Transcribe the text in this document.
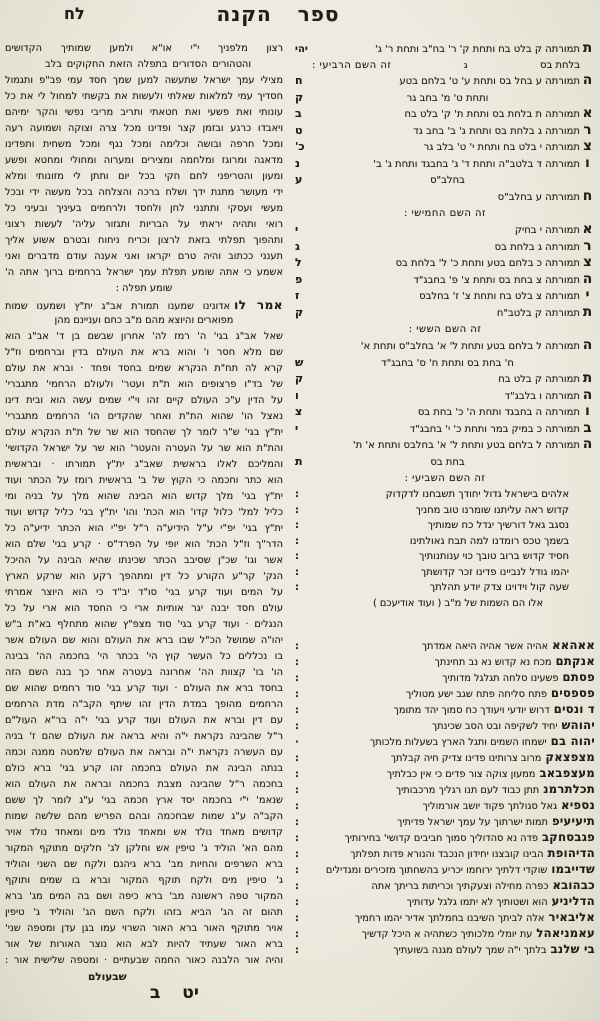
לח	ספרהקנה
ת
תמורתה ק בלט בח ותחת ק' ר' בח"ב ותחת ר' ג'
יהי
בלחת בס
ג
זה השם הרביעי :
ה
תמורתה ע בחל בס ותחת ע' ט' בלחם בטע
ח
ותחת ט' מ' בחב גר
ק
א
תמורתה ת בלחת בס ותחת ת' ק' בלט בח
ב
ר
תמורתה ג בלחת בס ותחת ג' ב' בחב גד
ט
צ
תמורתה י בלט בח ותחת י' ט' בלב גר
כ'
ו
תמורתה ד בלטב"ה ותחת ד' ג' בחבגד ותחת ג' ב'
נ
בחלב"ס
ע
ח
תמורתה ע בחלב"ס
זה השם החמישי :
א
תמורתה י בחיק
י
ר
תמורתה ג בלחת בס
ג
צ
תמורתה כ בלחם בטע ותחת כ' ל' בלחת בס
ל
ה
תמורתה צ בחת בס ותחת צ' פ' בחבג"ד
פ
י
תמורתה צ בלט בח ותחת צ' ז' בחלבס
ז
ת
תמורתה ק בלטב"ח
ק
זה השם הששי :
ה
תמורתה ל בלחם בטע ותחת ל' א' בחלב"ס ותחת א'
ח' בחת בס ותחת ח' ס' בחבג"ד
ש
ת
תמורתה ק בלט בח
ק
ה
תמורתה ו בלבג"ד
ו
ו
תמורתה ה בחבגד ותחת ה' כ' בחת בס
צ
ב
תמורתה כ במיק במר ותחת כ' י' בחבג"ד
י
ה
תמורתה ל בלחם בטע ותחת ל' א' בחלבס ותחת א' ת'
בחת בס
ת
זה השם השביעי :
אלהים בישראל גדול יחודך תשבחנו לדקדוק
:
קדוש ראה עליתנו שומרנו טוב מחניך
:
נסגב גאל דורשיך יגדל כח שמותיך
:
בשמך טכס רומדנו למה תבח גאולתינו
:
חסיד קדוש ברוב טובך כוי ענותנותיך
:
יהמו גודל לנביינו פדינו זכר קדושתך
:
שעה קול וידוינו צדק יודע תהלתך
:
אלו הם השמות של מ"ב ( ועוד אודיעכם )
אאהאא
אהיה אשר אהיה היאה אמדתך
:
אנקתם
מכח נא קדוש נא נב תחינתך
:
פסתם
פשעינו סלחה תגלגל מדותיך
:
פספסים
פתח סליחה פתח שגב ישע מטוליך
:
ד ונסים
דרוש יודעי ויעודך כח סמוך יהד מתומך
:
יהוהש
יחיד לשקיפה ובט הסב שכינתך
:
יהוה בם
ישמחו השמים ותגל הארץ בשעלות מלכותך
·
מצפצאק
מרוב צרותינו פדינו צדיק חיה קבלתך
:
מעצפבאב
ממעון צוקה צור פדים כי אין כבלתיך
:
תכלתרמנ
תתן כבוד לעם תנו רגליך מרכבותיך
:
נספיא
גאל סגולתך פקוד יושב אורמוליך
:
תיעיעיפ
תמות ישרתוך על עמך ישראל פדיתיך
:
פגבסחקב
פדה נא סהדוליך סמוך חביבים קדושי' בחירותיך
:
הדיהופת
הבינו קובצנו יחידון הנכבד והנורא פדות תפלתך
:
שדייבמו
שוקדי דלתיך ירוחמו יכריע בהשחתוך מזכירים ומגדילים
:
כבהובא
כפרה מחילה וצעקתיך וכריתות בריתך אתה
:
הדליניע
הוא ושטותיך לא יתמו גלגל עדותיך
:
אליבאיר
אלה לביתך השיבנו בחמלתך אדיר יהמו רחמיך
:
עאמניאהל
עת יומלי מלכותיך כשתהיה א היכל קדשיך
:
בי שלנב
בלתך י"ה שמך לעולם מגנה בשועתיך
:
רצון מלפניך י"י או"א ולמען שמותיך הקדושים
והטהורים הסדורים בתפלה הזאת החקוקים בלב
מצילי עמך ישראל שתעשה למען שמך חסד עמי פב"פ ותגמול
חסדיך עמי למלאות שאלתי ולעשות את בקשתי למחול לי את כל
עונותי ואת פשעי ואת חטאתי ותריב מריבי נפשי והקר ימיהם
ויאבדו כרגע ובזמן קצר ופדינו מכל צרה וצוקה ושמועה רעה
ומכל חרפה ובושה וכלימה ומכל נגף ומכל משחית ותפדינו
מדאגה ומרוגז ומלחמה ומצירים ומערוה ומחולי ומחטא ופשע
ומעון והטריפני לחם חקי בכל יום ותתן לי מזונותי ומלא
ידי מעושר מתנת ידך ושלח ברכה והצלחה בכל מעשה ידי ובכל
מעשי ועסקי ותתנני לחן ולחסד ולרחמים בעיניך ובעיני כל
רואי ותהיה יראתי על הבריות ותגזור עליה' לעשות רצוני
ותהפוך תפלתי בזאת לרצון וכריח ניחוח ובטרם אשוע אליך
תענני ככתוב והיה טרם יקראו ואני אענה עודם מדברים ואני
אשמע כי אתה שומע תפלת עמך ישראל ברחמים ברוך אתה ה'
שומע תפלה :
אמר לואדונינו שמענו תמורת אב"ג ית"ץ ושמענו שמות
מפוארים והיוצא מהם מ"ב כחם ועניינם מהן
שאל אב"ג בגי' ה' רמז לה' אחרון שבשם בן ד' אב"ג הוא
שם מלא חסר ו' והוא ברא את העולם בדין וברחמים וז"ל
קרא לה תח"ת הנקרא שמים בחסד ופחד · וברא את עולם
של בד"ו פרצופים הוא ת"ת ועטר' ולעולם הרחמי' מתגברי'
על הדין ע"כ העולם קיים זהו וי"י שמים עשה הוא ובית דינו
נאצל הו' שהוא הת"ת ואחר שהקדים הו' הרחמים מתגברי'
ית"ץ בגי' ש"ר לומר לך שהחסד הוא שר של ת"ת הנקרא עולם
והת"ת הוא שר על העטרה והעטר' הוא שר על ישראל הקדושי'
והמליכם לאלו בראשית שאב"ג ית"ץ תמורתו · ובראשית
הוא כתר וחכמה כי הקוץ של ב' בראשית רומז על הכתר ועוד
ית"ץ בגי' מלך קדוש הוא הבינה שהוא מלך על בניה ומי
כליל למל' כלול קדו' הוא הכת' והו' ית"ץ בגי' כליל קדוש ועוד
ית"ץ בגי' יפ"י ע"ל הידיע"ה ר"ל יפ"י הוא הכתר ידיע"ה כל
הדר"ך וז"ל הכת' הוא יופי על הפרד"ס · קרע בגי' שלם הוא
אשר וגו' שכ"ן שסיבב הכתר שכינתו שהיא הבינה על ההיכל
הנק' קר"ע הקורע כל דין ומתהפך רקע הוא שרקע הארץ
על המים ועוד קרע בגי' סו"ד יב"ד כי הוא היוצר אמרתי
עולם חסד יבנה יגר אותיות ארי כי החסד הוא ארי על כל
הנגלים · ועוד קרע בגי' סוד מצפ"ץ שהוא מתחלף בא"ת ב"ש
יהו"ה שמושל הכ"ל שבו ברא את העולם והוא שם העולם אשר
בו נכללים כל העשר קוץ הי' בכתר הי' בחכמה הה' בבינה
הו' בו' קצוות הה' אחרונה בעטרה אחר כך בנה השם הזה
בחסד ברא את העולם · ועוד קרע בגי' סוד רחמים שהוא שם
הרחמים מהופך במדת הדין זהו שיתף הקב"ה מדת הרחמים
עם דין וברא את העולם ועוד קרע בגי' י"ה בר"א העול"ם
ר"ל שהבינה נקראת י"ה והיא בראה את העולם שהם ז' בניה
עם העשרה נקראת י"ה ובראה את העולם שלמטה ממנה וכמה
בנתה הבינה את העולם בחכמה זהו קרע בגי' ברא כולם
בחכמה ר"ל שהבינה מצבת בחכמה ובראה את העולם הוא
שנאמ' י"י בחכמה יסד ארץ חכמה בגי' ע"ג לומר לך ששם
הקב"ה ע"ג שמות שבחכמה ובהם הפריש מהם שלשה שמות
קדושים מאחד נולד אש ומאחד נולד מים ומאחד נולד אויר
מהם הא' הוליד ג' טיפין אש וחלקן לג' חלקים מתוקף המקור
ברא השרפים והחיות מב' ברא גיהנם ולקח שם השני והוליד
ג' טיפין מים ולקח תוקף המקור וברא בו שמים ותוקף
המקור טפה ראשונה מב' ברא כיפה ושם בה המים מג' ברא
תהום זה הג' הביא בזהו ולקח השם הג' והוליד ג' טיפין
אויר מתוקף האור ברא האור השרוי עמו בגן עדן ומטפה שני'
ברא האור שעתיד להיות לבא הוא נוצר האורות של אור
והיה אור הלבנה כאור החמה שבעתיים · ומטפה שלישית אור :
שבעולם
יט ב
